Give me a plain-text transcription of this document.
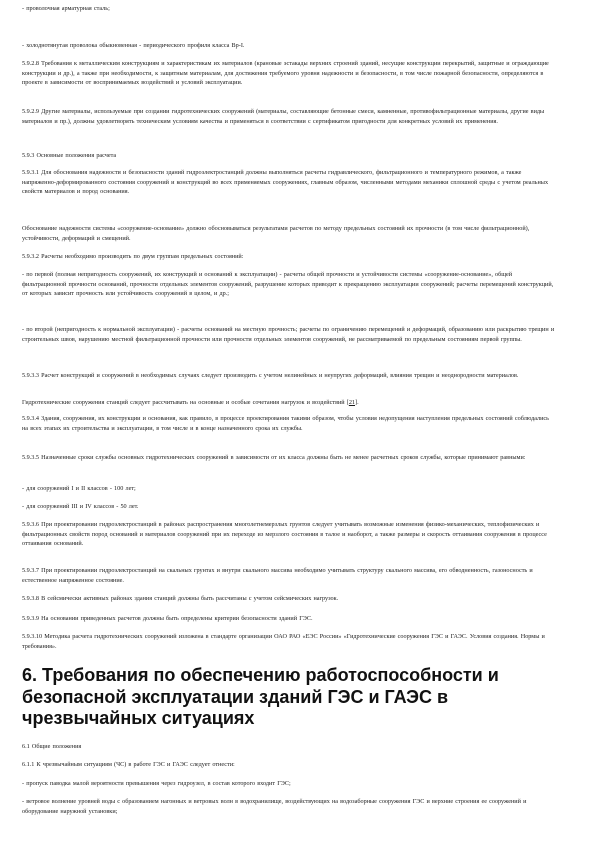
- проволочная арматурная сталь;

- холоднотянутая проволока обыкновенная - периодического профиля класса Вр-I.

5.9.2.8 Требования к металлическим конструкциям и характеристикам их материалов (крановые эстакады верхних строений зданий, несущие конструкции перекрытий, защитные и ограждающие конструкции и др.), а также при необходимости, к защитным материалам, для достижения требуемого уровня надежности и безопасности, в том числе пожарной безопасности, определяются в проекте в зависимости от воспринимаемых воздействий и условий эксплуатации.

5.9.2.9 Другие материалы, используемые при создании гидротехнических сооружений (материалы, составляющие бетонные смеси, камненные, противофильтрационные материалы, другие виды материалов и пр.), должны удовлетворять техническим условиям качества и применяться в соответствии с сертификатом пригодности для конкретных условий их применения.

5.9.3 Основные положения расчета

5.9.3.1 Для обоснования надежности и безопасности зданий гидроэлектростанций должны выполняться расчеты гидравлического, фильтрационного и температурного режимов, а также напряженно-деформированного состояния сооружений и конструкций во всех применяемых сооружениях, главным образом, численными методами механики сплошной среды с учетом реальных свойств материалов и пород основания.

Обоснование надежности системы «сооружение-основание» должно обосновываться результатами расчетов по методу предельных состояний их прочности (в том числе фильтрационной), устойчивости, деформаций и смещений.

5.9.3.2 Расчеты необходимо производить по двум группам предельных состояний:

- по первой (полная непригодность сооружений, их конструкций и оснований к эксплуатации) - расчеты общей прочности и устойчивости системы «сооружение-основание», общей фильтрационной прочности оснований, прочности отдельных элементов сооружений, разрушение которых приводит к прекращению эксплуатации сооружений; расчеты перемещений конструкций, от которых зависит прочность или устойчивость сооружений в целом, и др.;

- по второй (непригодность к нормальной эксплуатации) - расчеты оснований на местную прочность; расчеты по ограничению перемещений и деформаций, образованию или раскрытию трещин и строительных швов, нарушению местной фильтрационной прочности или прочности отдельных элементов сооружений, не рассматриваемой по предельным состояниям первой группы.

5.9.3.3 Расчет конструкций и сооружений в необходимых случаях следует производить с учетом нелинейных и неупругих деформаций, влияния трещин и неоднородности материалов.

Гидротехнические сооружения станций следует рассчитывать на основные и особые сочетания нагрузок и воздействий [21].

5.9.3.4 Здания, сооружения, их конструкции и основания, как правило, в процессе проектирования такими образом, чтобы условия недопущения наступления предельных состояний соблюдались на всех этапах их строительства и эксплуатации, в том числе и в конце назначенного срока их службы.

5.9.3.5 Назначенные сроки службы основных гидротехнических сооружений в зависимости от их класса должны быть не менее расчетных сроков службы, которые принимают равными:

- для сооружений I и II классов - 100 лет;

- для сооружений III и IV классов - 50 лет.

5.9.3.6 При проектировании гидроэлектростанций в районах распространения многолетнемерзлых грунтов следует учитывать возможные изменения физико-механических, теплофизических и фильтрационных свойств пород оснований и материалов сооружений при их переходе из мерзлого состояния в талое и наоборот, а также размеры и скорость оттаивания сооружения в процессе оттаивания оснований.

5.9.3.7 При проектировании гидроэлектростанций на скальных грунтах и внутри скального массива необходимо учитывать структуру скального массива, его обводненность, газоносность и естественное напряженное состояние.

5.9.3.8 В сейсмически активных районах здания станций должны быть рассчитаны с учетом сейсмических нагрузок.

5.9.3.9 На основании приведенных расчетов должны быть определены критерии безопасности зданий ГЭС.

5.9.3.10 Методика расчета гидротехнических сооружений изложена в стандарте организации ОАО РАО «ЕЭС России» «Гидротехнические сооружения ГЭС и ГАЭС. Условия создания. Нормы и требования».

6. Требования по обеспечению работоспособности и безопасной эксплуатации зданий ГЭС и ГАЭС в чрезвычайных ситуациях

6.1 Общие положения

6.1.1 К чрезвычайным ситуациям (ЧС) в работе ГЭС и ГАЭС следует отнести:

- пропуск паводка малой вероятности превышения через гидроузел, в состав которого входит ГЭС;

- ветровое волнение уровней воды с образованием нагонных и ветровых волн в водохранилище, воздействующих на водозаборные сооружения ГЭС и верхние строения ее сооружений и оборудование наружной установки;
